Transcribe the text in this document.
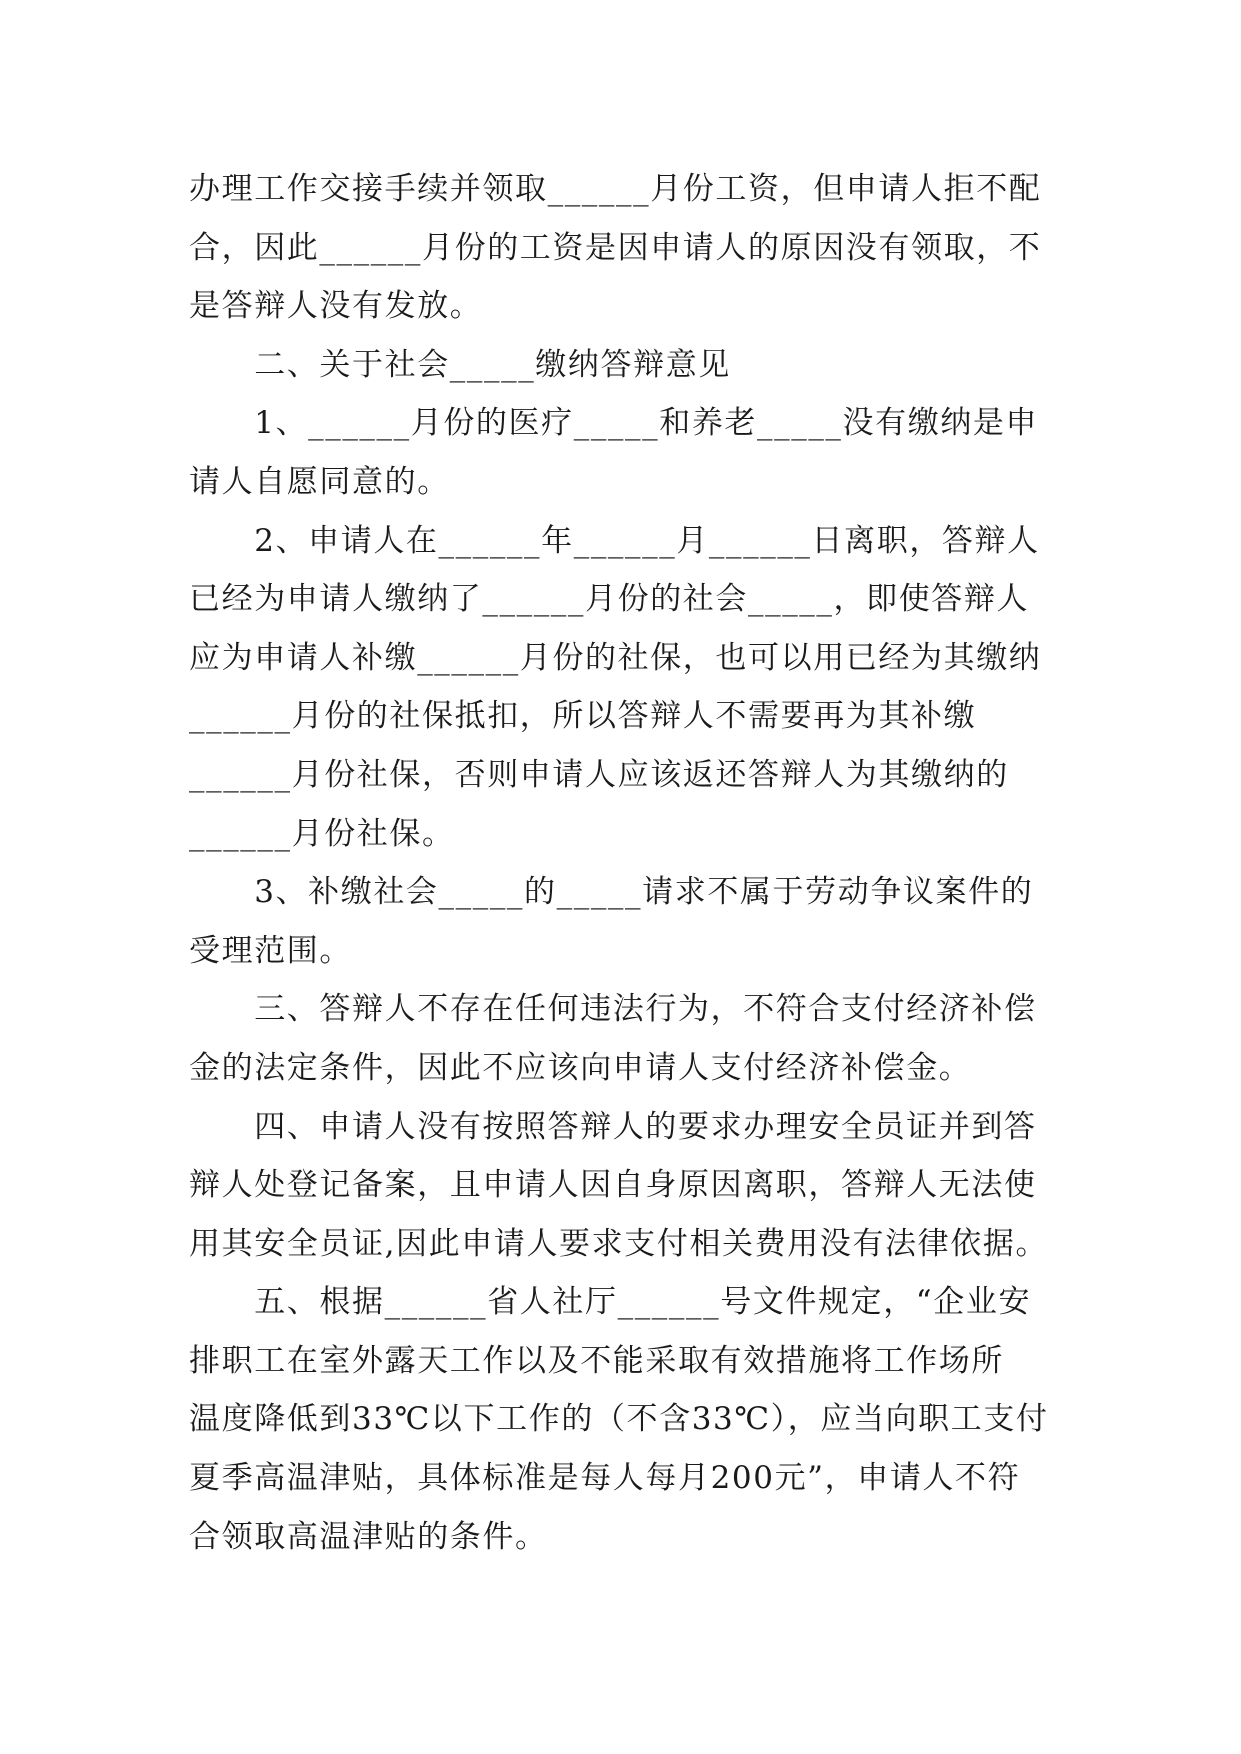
办理工作交接手续并领取______月份工资，但申请人拒不配
合，因此______月份的工资是因申请人的原因没有领取，不
是答辩人没有发放。
　　二、关于社会_____缴纳答辩意见
　　1、______月份的医疗_____和养老_____没有缴纳是申
请人自愿同意的。
　　2、申请人在______年______月______日离职，答辩人
已经为申请人缴纳了______月份的社会_____，即使答辩人
应为申请人补缴______月份的社保，也可以用已经为其缴纳
______月份的社保抵扣，所以答辩人不需要再为其补缴
______月份社保，否则申请人应该返还答辩人为其缴纳的
______月份社保。
　　3、补缴社会_____的_____请求不属于劳动争议案件的
受理范围。
　　三、答辩人不存在任何违法行为，不符合支付经济补偿
金的法定条件，因此不应该向申请人支付经济补偿金。
　　四、申请人没有按照答辩人的要求办理安全员证并到答
辩人处登记备案，且申请人因自身原因离职，答辩人无法使
用其安全员证,因此申请人要求支付相关费用没有法律依据。
　　五、根据______省人社厅______号文件规定，“企业安
排职工在室外露天工作以及不能采取有效措施将工作场所
温度降低到33℃以下工作的（不含33℃），应当向职工支付
夏季高温津贴，具体标准是每人每月200元”，申请人不符
合领取高温津贴的条件。
